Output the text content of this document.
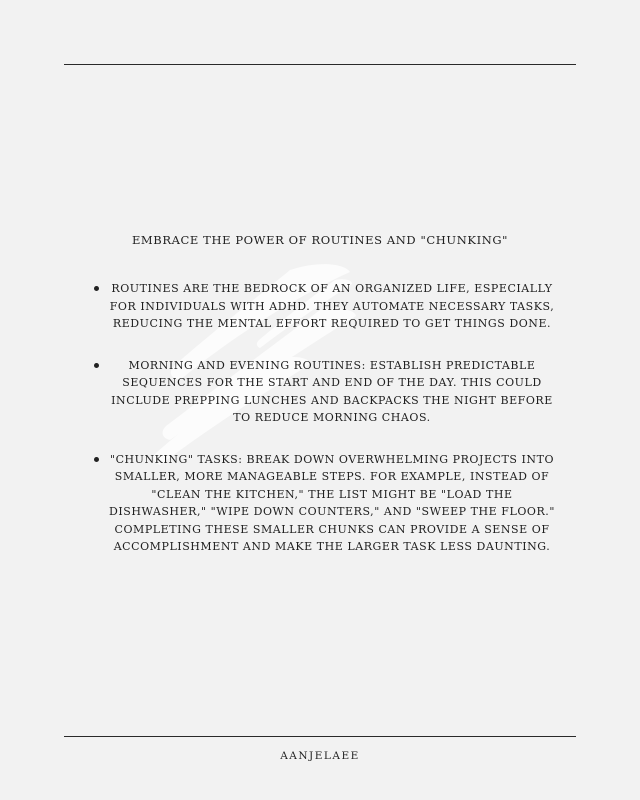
EMBRACE THE POWER OF ROUTINES AND "CHUNKING"
ROUTINES ARE THE BEDROCK OF AN ORGANIZED LIFE, ESPECIALLY FOR INDIVIDUALS WITH ADHD. THEY AUTOMATE NECESSARY TASKS, REDUCING THE MENTAL EFFORT REQUIRED TO GET THINGS DONE.
MORNING AND EVENING ROUTINES: ESTABLISH PREDICTABLE SEQUENCES FOR THE START AND END OF THE DAY. THIS COULD INCLUDE PREPPING LUNCHES AND BACKPACKS THE NIGHT BEFORE TO REDUCE MORNING CHAOS.
"CHUNKING" TASKS: BREAK DOWN OVERWHELMING PROJECTS INTO SMALLER, MORE MANAGEABLE STEPS. FOR EXAMPLE, INSTEAD OF "CLEAN THE KITCHEN," THE LIST MIGHT BE "LOAD THE DISHWASHER," "WIPE DOWN COUNTERS," AND "SWEEP THE FLOOR." COMPLETING THESE SMALLER CHUNKS CAN PROVIDE A SENSE OF ACCOMPLISHMENT AND MAKE THE LARGER TASK LESS DAUNTING.
AANJELAEE
